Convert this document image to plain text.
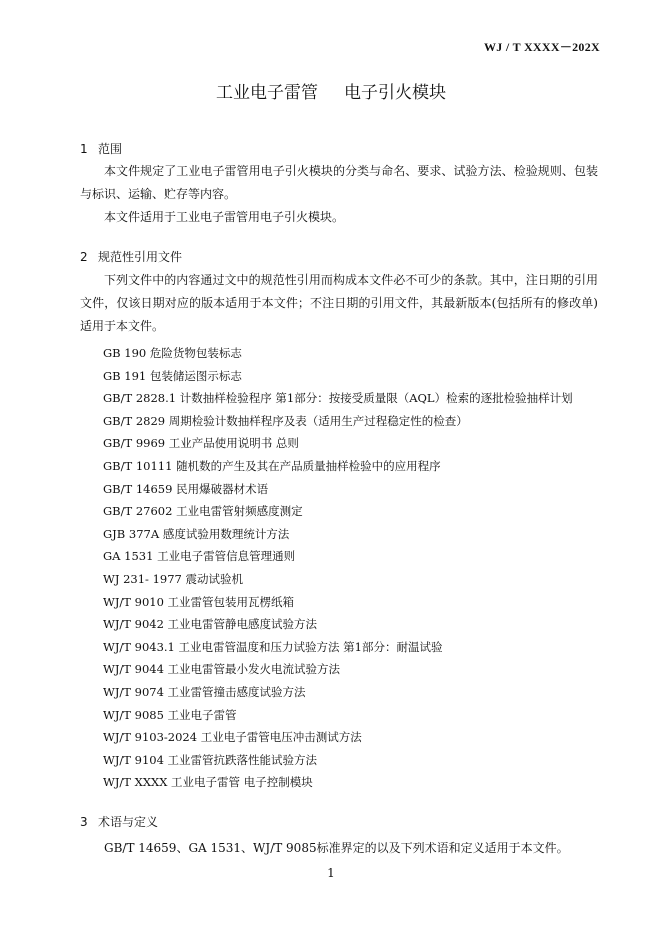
WJ / T XXXX－202X
工业电子雷管 电子引火模块
1 范围

本文件规定了工业电子雷管用电子引火模块的分类与命名、要求、试验方法、检验规则、包装与标识、运输、贮存等内容。

本文件适用于工业电子雷管用电子引火模块。

2 规范性引用文件

下列文件中的内容通过文中的规范性引用而构成本文件必不可少的条款。其中，注日期的引用文件，仅该日期对应的版本适用于本文件；不注日期的引用文件，其最新版本(包括所有的修改单) 适用于本文件。

GB 190 危险货物包装标志
GB 191 包装储运图示标志
GB/T 2828.1 计数抽样检验程序 第1部分：按接受质量限（AQL）检索的逐批检验抽样计划
GB/T 2829 周期检验计数抽样程序及表（适用生产过程稳定性的检查）
GB/T 9969 工业产品使用说明书 总则
GB/T 10111 随机数的产生及其在产品质量抽样检验中的应用程序
GB/T 14659 民用爆破器材术语
GB/T 27602 工业电雷管射频感度测定
GJB 377A 感度试验用数理统计方法
GA 1531 工业电子雷管信息管理通则
WJ 231- 1977 震动试验机
WJ/T 9010 工业雷管包装用瓦楞纸箱
WJ/T 9042 工业电雷管静电感度试验方法
WJ/T 9043.1 工业电雷管温度和压力试验方法 第1部分：耐温试验
WJ/T 9044 工业电雷管最小发火电流试验方法
WJ/T 9074 工业雷管撞击感度试验方法
WJ/T 9085 工业电子雷管
WJ/T 9103-2024 工业电子雷管电压冲击测试方法
WJ/T 9104 工业雷管抗跌落性能试验方法
WJ/T XXXX 工业电子雷管 电子控制模块
3 术语与定义

GB/T 14659、GA 1531、WJ/T 9085标准界定的以及下列术语和定义适用于本文件。

1
